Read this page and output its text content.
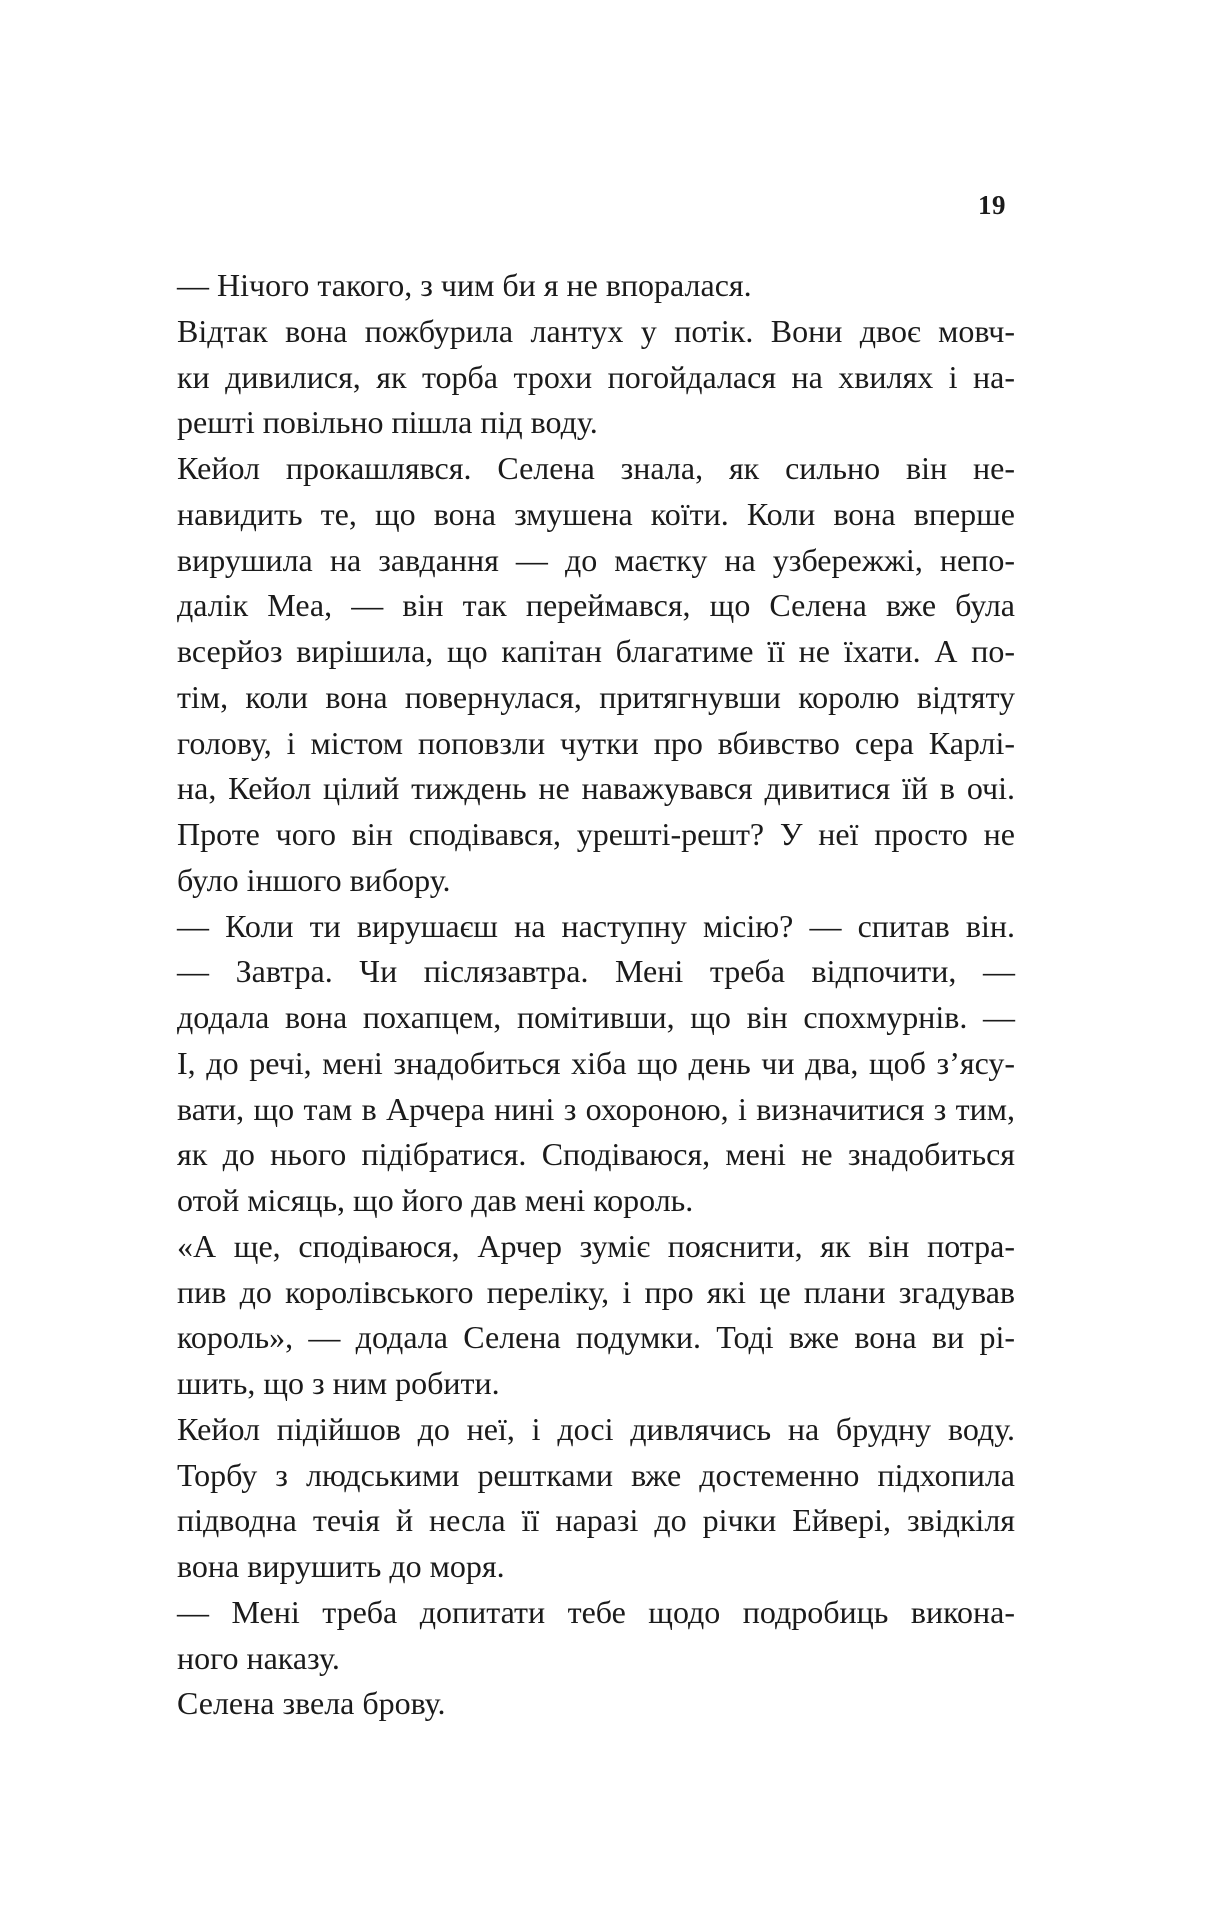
19
— Нічого такого, з чим би я не впоралася.
Відтак вона пожбурила лантух у потік. Вони двоє мовч-
ки дивилися, як торба трохи погойдалася на хвилях і на-
решті повільно пішла під воду.
Кейол прокашлявся. Селена знала, як сильно він не-
навидить те, що вона змушена коїти. Коли вона вперше
вирушила на завдання — до маєтку на узбережжі, непо-
далік Меа, — він так переймався, що Селена вже була
всерйоз вирішила, що капітан благатиме її не їхати. А по-
тім, коли вона повернулася, притягнувши королю відтяту
голову, і містом поповзли чутки про вбивство сера Карлі-
на, Кейол цілий тиждень не наважувався дивитися їй в очі.
Проте чого він сподівався, урешті-решт? У неї просто не
було іншого вибору.
— Коли ти вирушаєш на наступну місію? — спитав він.
— Завтра. Чи післязавтра. Мені треба відпочити, —
додала вона похапцем, помітивши, що він спохмурнів. —
І, до речі, мені знадобиться хіба що день чи два, щоб з’ясу-
вати, що там в Арчера нині з охороною, і визначитися з тим,
як до нього підібратися. Сподіваюся, мені не знадобиться
отой місяць, що його дав мені король.
«А ще, сподіваюся, Арчер зуміє пояснити, як він потра-
пив до королівського переліку, і про які це плани згадував
король», — додала Селена подумки. Тоді вже вона ви рі-
шить, що з ним робити.
Кейол підійшов до неї, і досі дивлячись на брудну воду.
Торбу з людськими рештками вже достеменно підхопила
підводна течія й несла її наразі до річки Ейвері, звідкіля
вона вирушить до моря.
— Мені треба допитати тебе щодо подробиць викона-
ного наказу.
Селена звела брову.
